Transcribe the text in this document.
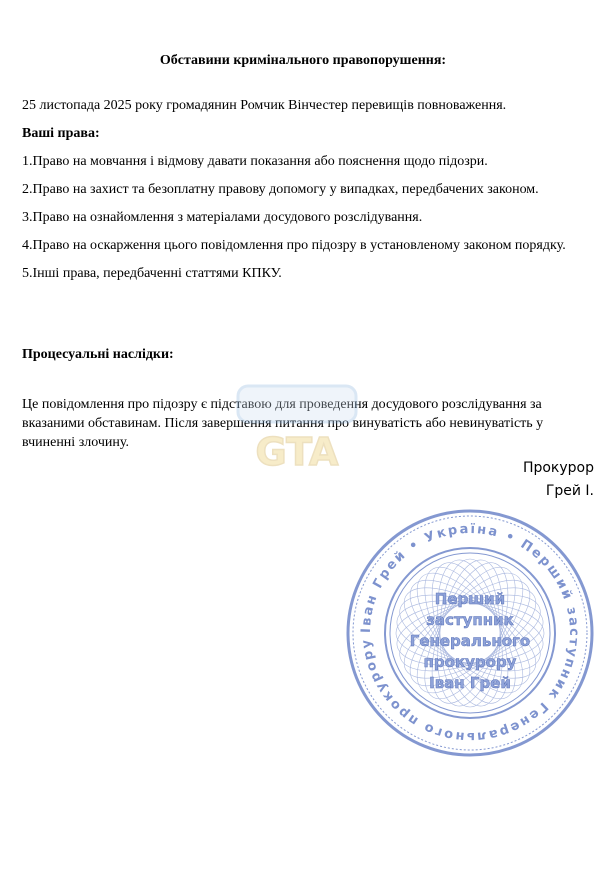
Обставини кримінального правопорушення:
25 листопада 2025 року громадянин Ромчик Вінчестер перевищів повноваження.
Ваші права:
1.Право на мовчання і відмову давати показання або пояснення щодо підозри.
2.Право на захист та безоплатну правову допомогу у випадках, передбачених законом.
3.Право на ознайомлення з матеріалами досудового розслідування.
4.Право на оскарження цього повідомлення про підозру в установленому законом порядку.
5.Інші права, передбаченні статтями КПКУ.
Процесуальні наслідки:
Це повідомлення про підозру є підставою для проведення досудового розслідування за вказаними обставинам. Після завершення питання про винуватість або невинуватість у вчиненні злочину.	GTA	Прокурор
Грей І.
Іван Грей • Україна • Перший заступник Генерального прокурору
Перший
заступник
Генерального
прокурору
Іван Грей
